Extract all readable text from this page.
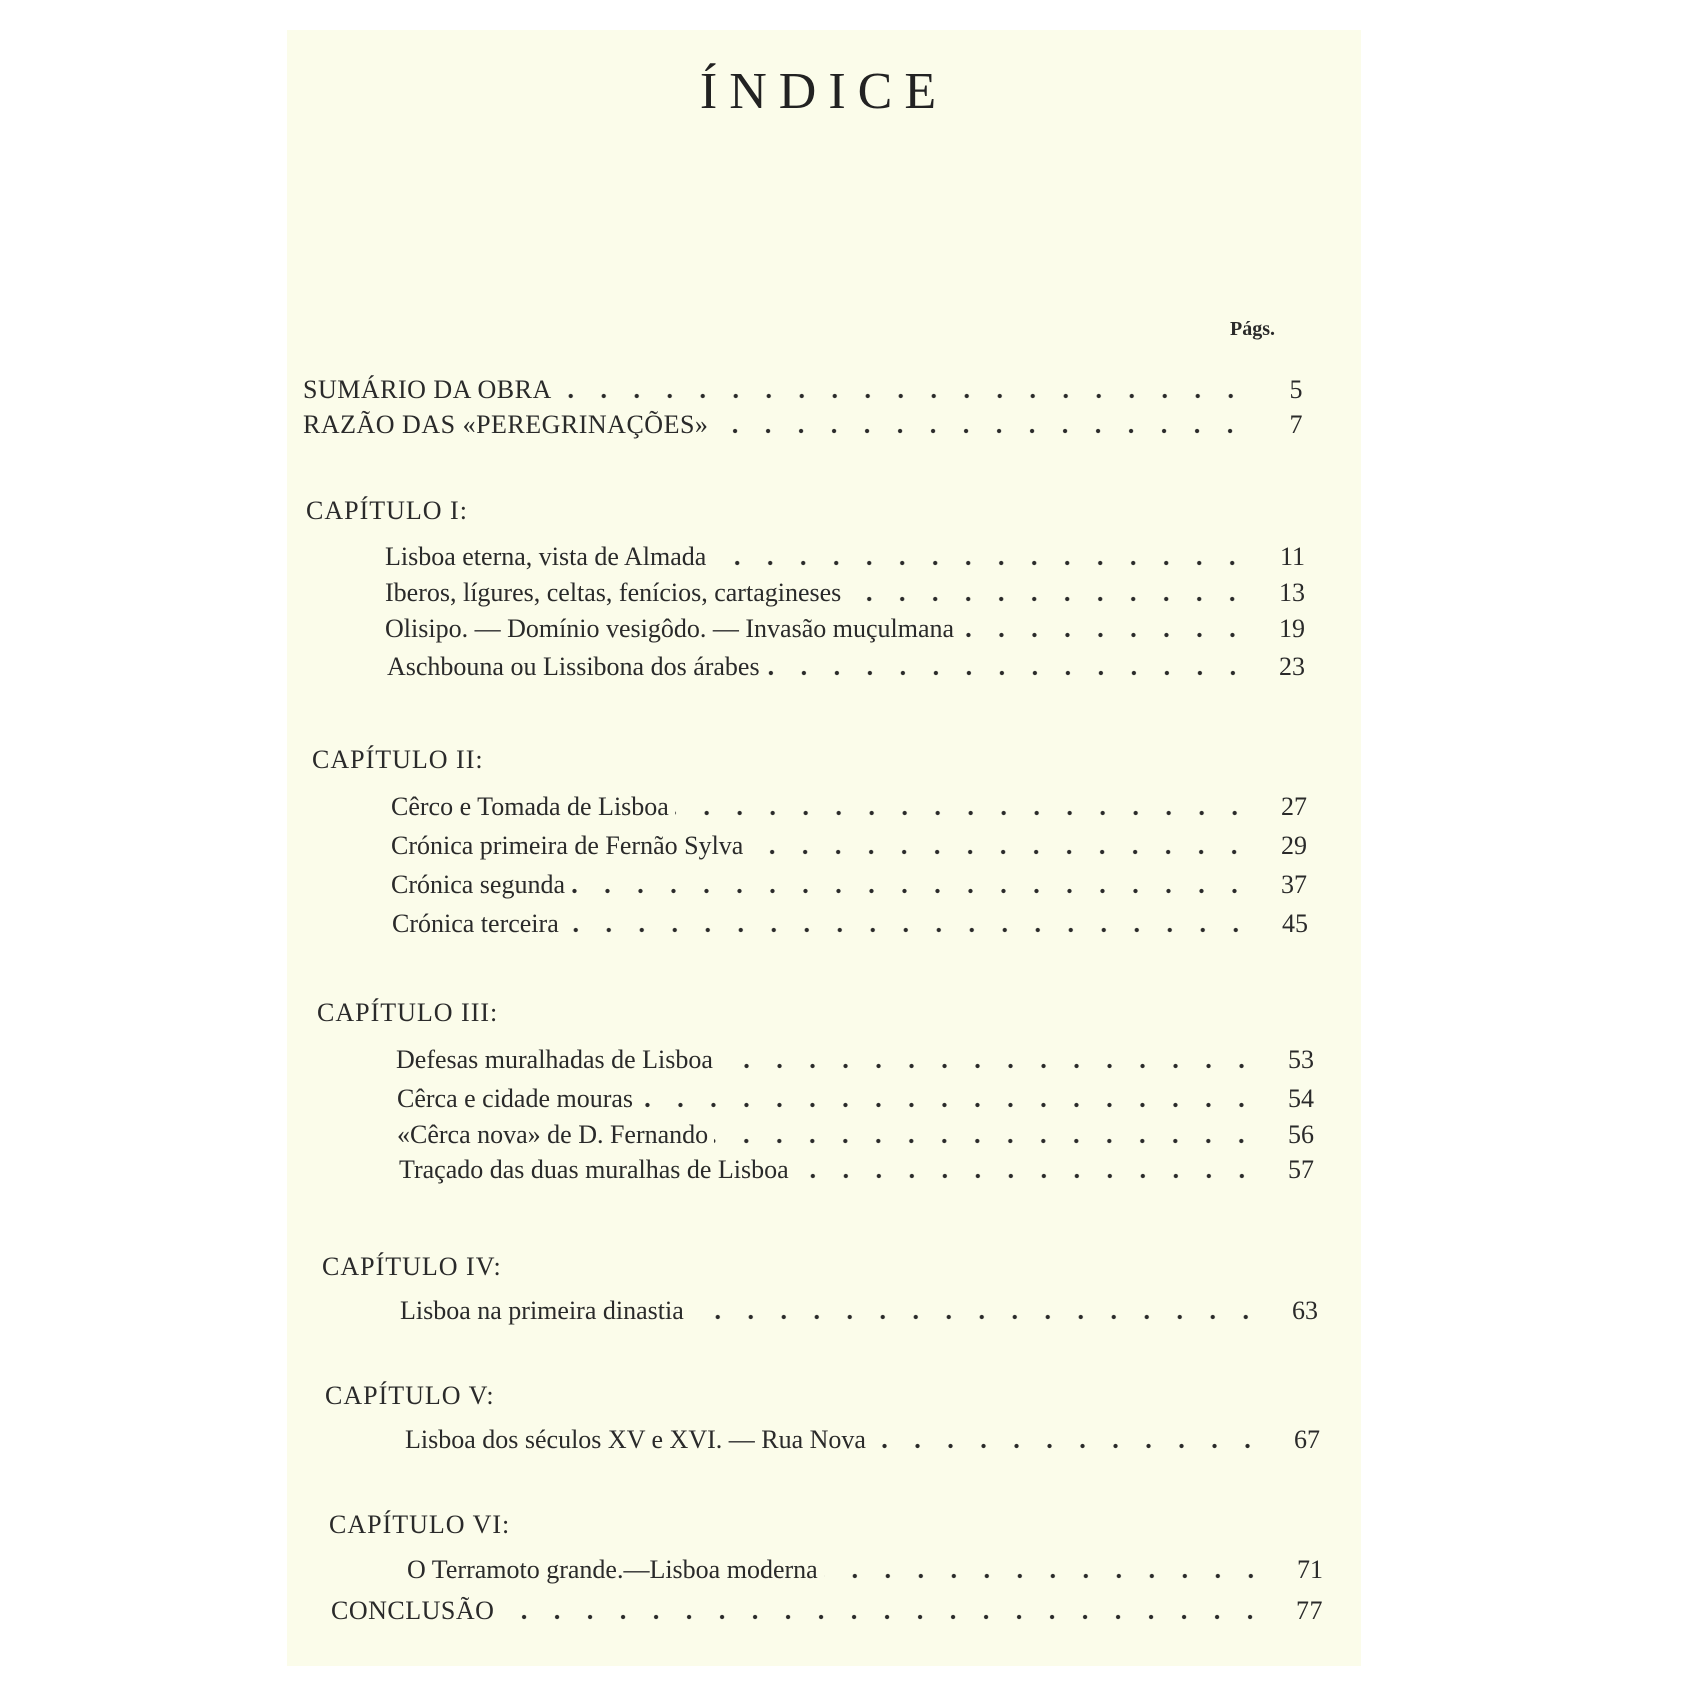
ÍNDICE
Págs.
SUMÁRIO DA OBRA	5
RAZÃO DAS «PEREGRINAÇÕES»	7
CAPÍTULO I:
Lisboa eterna, vista de Almada	11
Iberos, lígures, celtas, fenícios, cartagineses	13
Olisipo. — Domínio vesigôdo. — Invasão muçulmana	19
Aschbouna ou Lissibona dos árabes	23
CAPÍTULO II:
Cêrco e Tomada de Lisboa	27
Crónica primeira de Fernão Sylva	29
Crónica segunda	37
Crónica terceira	45
CAPÍTULO III:
Defesas muralhadas de Lisboa	53
Cêrca e cidade mouras	54
«Cêrca nova» de D. Fernando	56
Traçado das duas muralhas de Lisboa	57
CAPÍTULO IV:
Lisboa na primeira dinastia	63
CAPÍTULO V:
Lisboa dos séculos XV e XVI. — Rua Nova	67
CAPÍTULO VI:
O Terramoto grande.—Lisboa moderna	71
CONCLUSÃO	77
